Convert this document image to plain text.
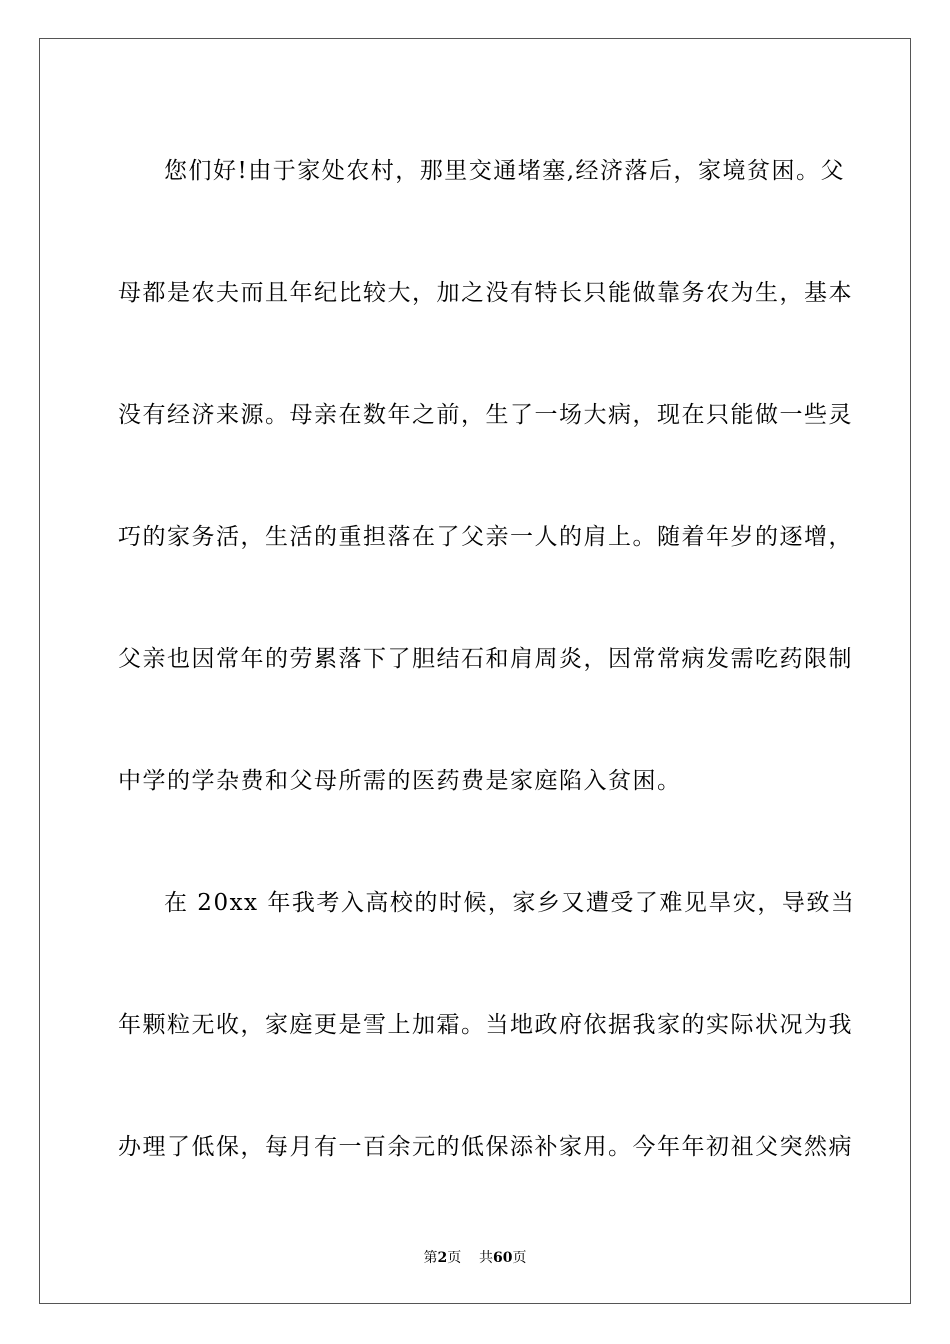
您们好!由于家处农村，那里交通堵塞,经济落后，家境贫困。父
母都是农夫而且年纪比较大，加之没有特长只能做靠务农为生，基本
没有经济来源。母亲在数年之前，生了一场大病，现在只能做一些灵
巧的家务活，生活的重担落在了父亲一人的肩上。随着年岁的逐增，
父亲也因常年的劳累落下了胆结石和肩周炎，因常常病发需吃药限制
中学的学杂费和父母所需的医药费是家庭陷入贫困。

在 20xx 年我考入高校的时候，家乡又遭受了难见旱灾，导致当
年颗粒无收，家庭更是雪上加霜。当地政府依据我家的实际状况为我
办理了低保，每月有一百余元的低保添补家用。今年年初祖父突然病

第2页 共60页
